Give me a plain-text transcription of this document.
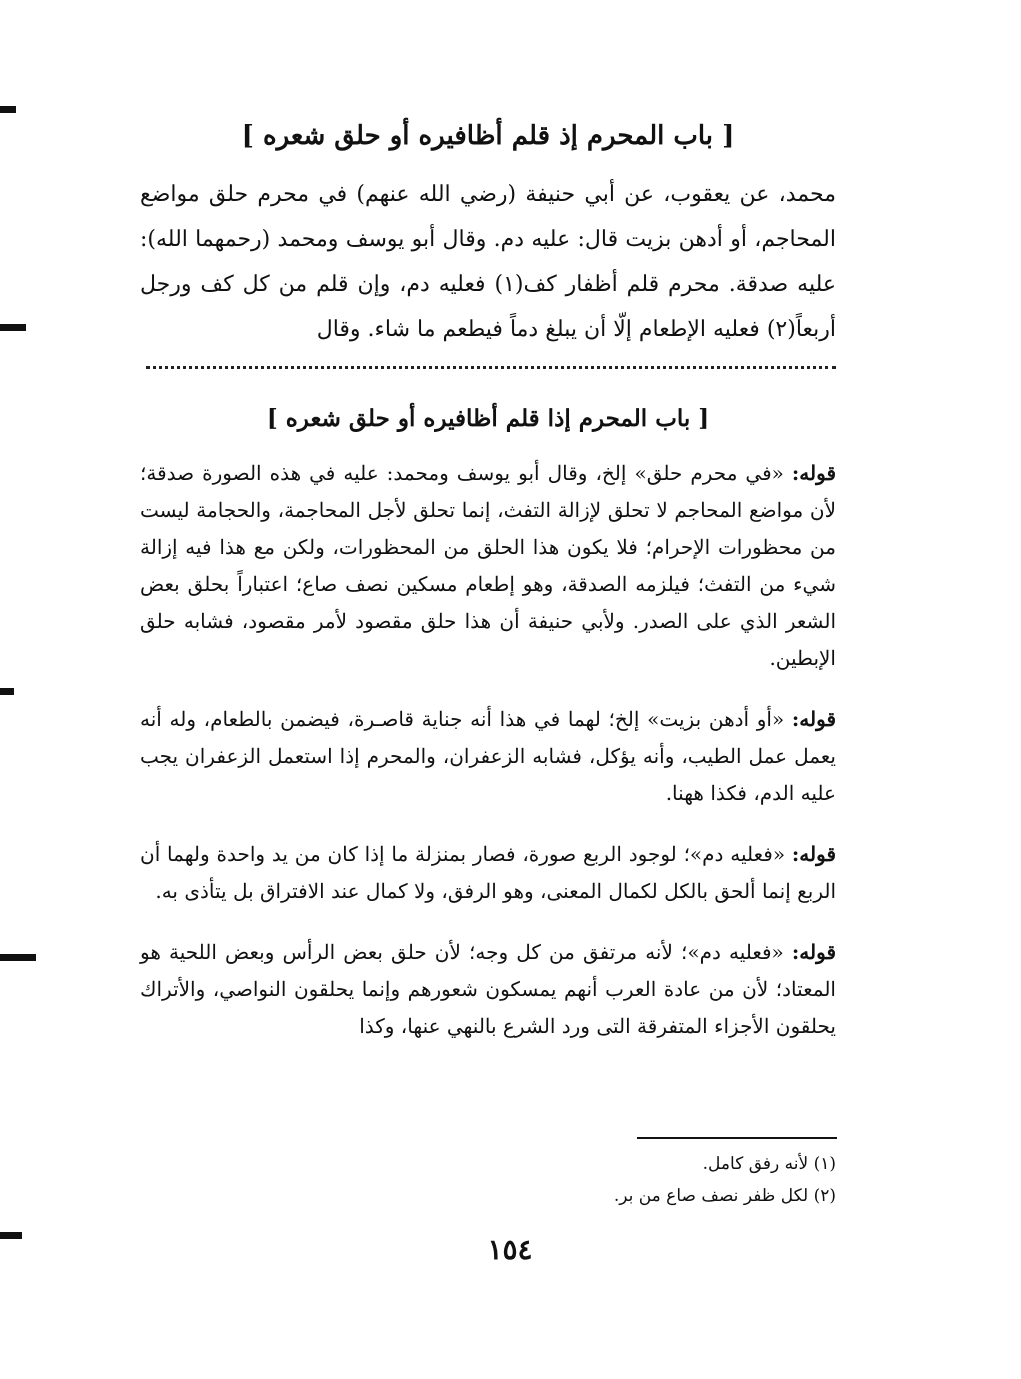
[ باب المحرم إذ قلم أظافيره أو حلق شعره ]
محمد، عن يعقوب، عن أبي حنيفة (رضي الله عنهم) في محرم حلق مواضع المحاجم، أو أدهن بزيت قال: عليه دم. وقال أبو يوسف ومحمد (رحمهما الله): عليه صدقة. محرم قلم أظفار كف(١) فعليه دم، وإن قلم من كل كف ورجل أربعاً(٢) فعليه الإطعام إلّا أن يبلغ دماً فيطعم ما شاء. وقال
[ باب المحرم إذا قلم أظافيره أو حلق شعره ]

قوله: «في محرم حلق» إلخ، وقال أبو يوسف ومحمد: عليه في هذه الصورة صدقة؛ لأن مواضع المحاجم لا تحلق لإزالة التفث، إنما تحلق لأجل المحاجمة، والحجامة ليست من محظورات الإحرام؛ فلا يكون هذا الحلق من المحظورات، ولكن مع هذا فيه إزالة شيء من التفث؛ فيلزمه الصدقة، وهو إطعام مسكين نصف صاع؛ اعتباراً بحلق بعض الشعر الذي على الصدر. ولأبي حنيفة أن هذا حلق مقصود لأمر مقصود، فشابه حلق الإبطين.

قوله: «أو أدهن بزيت» إلخ؛ لهما في هذا أنه جناية قاصـرة، فيضمن بالطعام، وله أنه يعمل عمل الطيب، وأنه يؤكل، فشابه الزعفران، والمحرم إذا استعمل الزعفران يجب عليه الدم، فكذا ههنا.

قوله: «فعليه دم»؛ لوجود الربع صورة، فصار بمنزلة ما إذا كان من يد واحدة ولهما أن الربع إنما ألحق بالكل لكمال المعنى، وهو الرفق، ولا كمال عند الافتراق بل يتأذى به.

قوله: «فعليه دم»؛ لأنه مرتفق من كل وجه؛ لأن حلق بعض الرأس وبعض اللحية هو المعتاد؛ لأن من عادة العرب أنهم يمسكون شعورهم وإنما يحلقون النواصي، والأتراك يحلقون الأجزاء المتفرقة التى ورد الشرع بالنهي عنها، وكذا

(١) لأنه رفق كامل.
(٢) لكل ظفر نصف صاع من بر.
١٥٤
